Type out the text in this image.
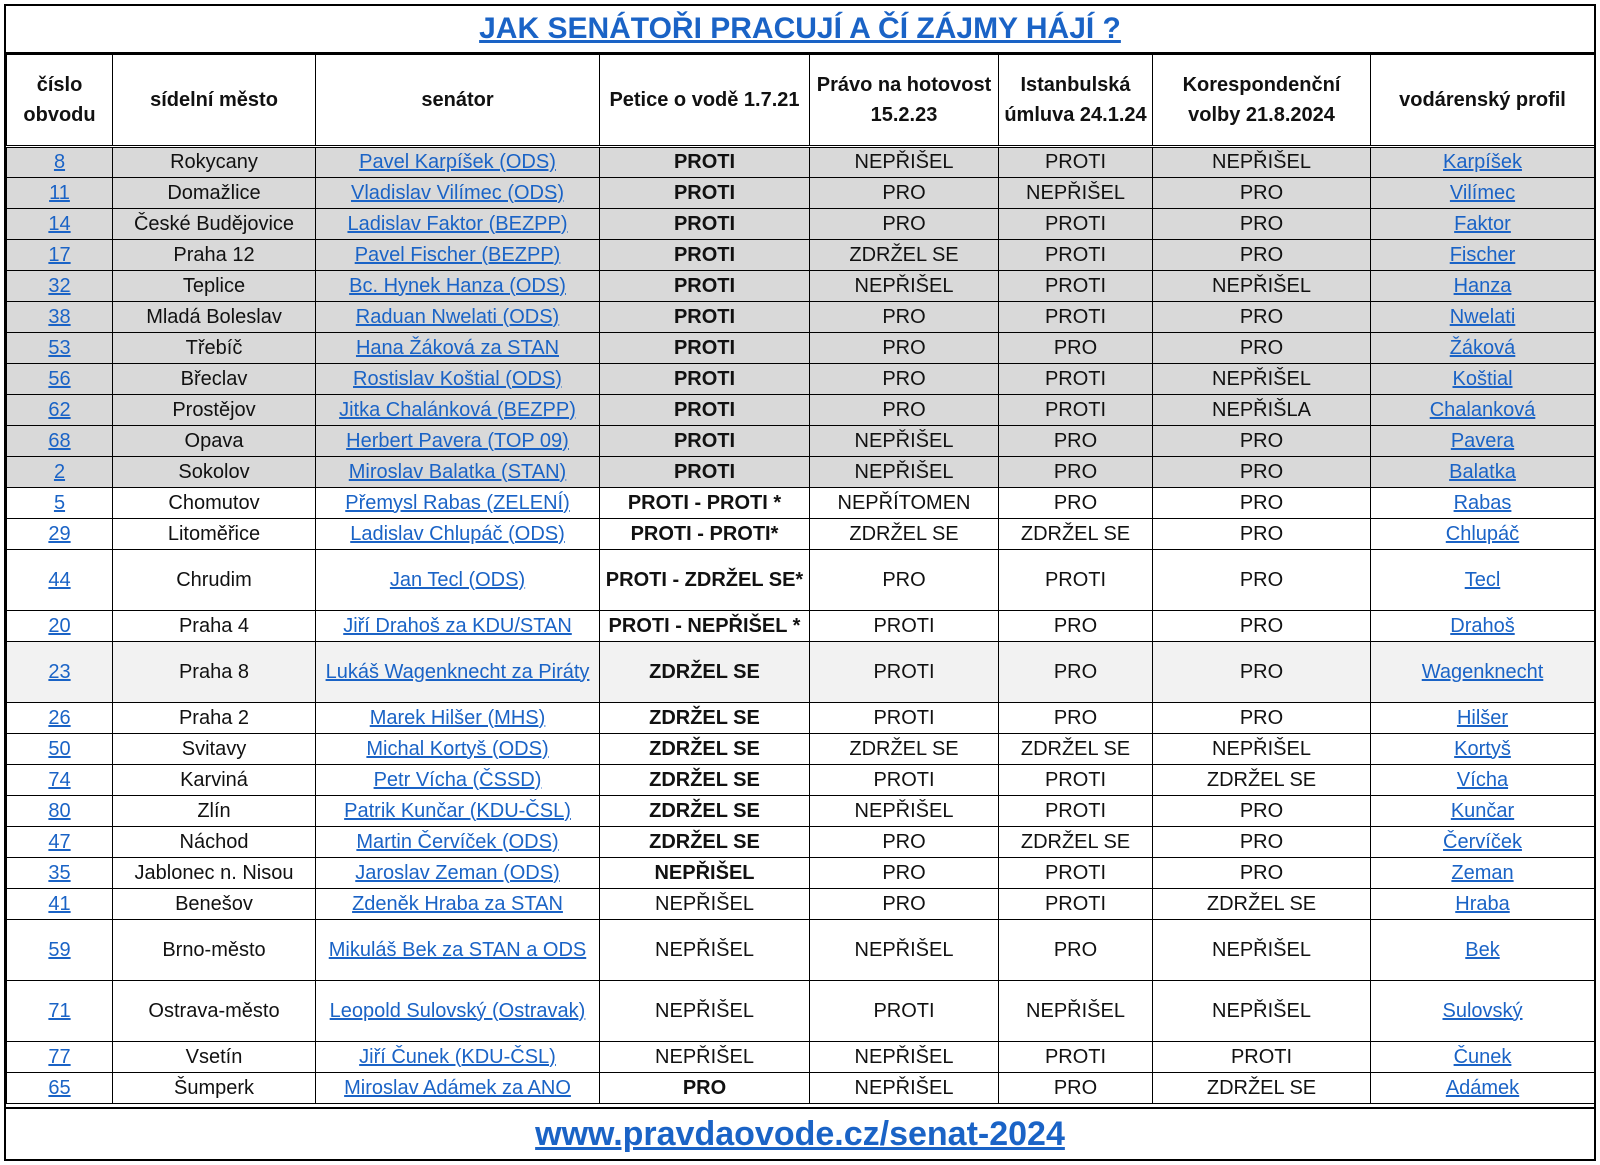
JAK SENÁTOŘI PRACUJÍ A ČÍ ZÁJMY HÁJÍ ?
číslo obvodu	sídelní město	senátor	Petice o vodě 1.7.21	Právo na hotovost 15.2.23	Istanbulská úmluva 24.1.24	Korespondenční volby 21.8.2024	vodárenský profil
8	Rokycany	Pavel Karpíšek (ODS)	PROTI	NEPŘIŠEL	PROTI	NEPŘIŠEL	Karpíšek
11	Domažlice	Vladislav Vilímec (ODS)	PROTI	PRO	NEPŘIŠEL	PRO	Vilímec
14	České Budějovice	Ladislav Faktor (BEZPP)	PROTI	PRO	PROTI	PRO	Faktor
17	Praha 12	Pavel Fischer (BEZPP)	PROTI	ZDRŽEL SE	PROTI	PRO	Fischer
32	Teplice	Bc. Hynek Hanza (ODS)	PROTI	NEPŘIŠEL	PROTI	NEPŘIŠEL	Hanza
38	Mladá Boleslav	Raduan Nwelati (ODS)	PROTI	PRO	PROTI	PRO	Nwelati
53	Třebíč	Hana Žáková za STAN	PROTI	PRO	PRO	PRO	Žáková
56	Břeclav	Rostislav Koštial (ODS)	PROTI	PRO	PROTI	NEPŘIŠEL	Koštial
62	Prostějov	Jitka Chalánková (BEZPP)	PROTI	PRO	PROTI	NEPŘIŠLA	Chalanková
68	Opava	Herbert Pavera (TOP 09)	PROTI	NEPŘIŠEL	PRO	PRO	Pavera
2	Sokolov	Miroslav Balatka (STAN)	PROTI	NEPŘIŠEL	PRO	PRO	Balatka
5	Chomutov	Přemysl Rabas (ZELENÍ)	PROTI - PROTI *	NEPŘÍTOMEN	PRO	PRO	Rabas
29	Litoměřice	Ladislav Chlupáč (ODS)	PROTI - PROTI*	ZDRŽEL SE	ZDRŽEL SE	PRO	Chlupáč
44	Chrudim	Jan Tecl (ODS)	PROTI - ZDRŽEL SE*	PRO	PROTI	PRO	Tecl
20	Praha 4	Jiří Drahoš za KDU/STAN	PROTI - NEPŘIŠEL *	PROTI	PRO	PRO	Drahoš
23	Praha 8	Lukáš Wagenknecht za Piráty	ZDRŽEL SE	PROTI	PRO	PRO	Wagenknecht
26	Praha 2	Marek Hilšer (MHS)	ZDRŽEL SE	PROTI	PRO	PRO	Hilšer
50	Svitavy	Michal Kortyš (ODS)	ZDRŽEL SE	ZDRŽEL SE	ZDRŽEL SE	NEPŘIŠEL	Kortyš
74	Karviná	Petr Vícha (ČSSD)	ZDRŽEL SE	PROTI	PROTI	ZDRŽEL SE	Vícha
80	Zlín	Patrik Kunčar (KDU-ČSL)	ZDRŽEL SE	NEPŘIŠEL	PROTI	PRO	Kunčar
47	Náchod	Martin Červíček (ODS)	ZDRŽEL SE	PRO	ZDRŽEL SE	PRO	Červíček
35	Jablonec n. Nisou	Jaroslav Zeman (ODS)	NEPŘIŠEL	PRO	PROTI	PRO	Zeman
41	Benešov	Zdeněk Hraba za STAN	NEPŘIŠEL	PRO	PROTI	ZDRŽEL SE	Hraba
59	Brno-město	Mikuláš Bek za STAN a ODS	NEPŘIŠEL	NEPŘIŠEL	PRO	NEPŘIŠEL	Bek
71	Ostrava-město	Leopold Sulovský (Ostravak)	NEPŘIŠEL	PROTI	NEPŘIŠEL	NEPŘIŠEL	Sulovský
77	Vsetín	Jiří Čunek (KDU-ČSL)	NEPŘIŠEL	NEPŘIŠEL	PROTI	PROTI	Čunek
65	Šumperk	Miroslav Adámek za ANO	PRO	NEPŘIŠEL	PRO	ZDRŽEL SE	Adámek
www.pravdaovode.cz/senat-2024
